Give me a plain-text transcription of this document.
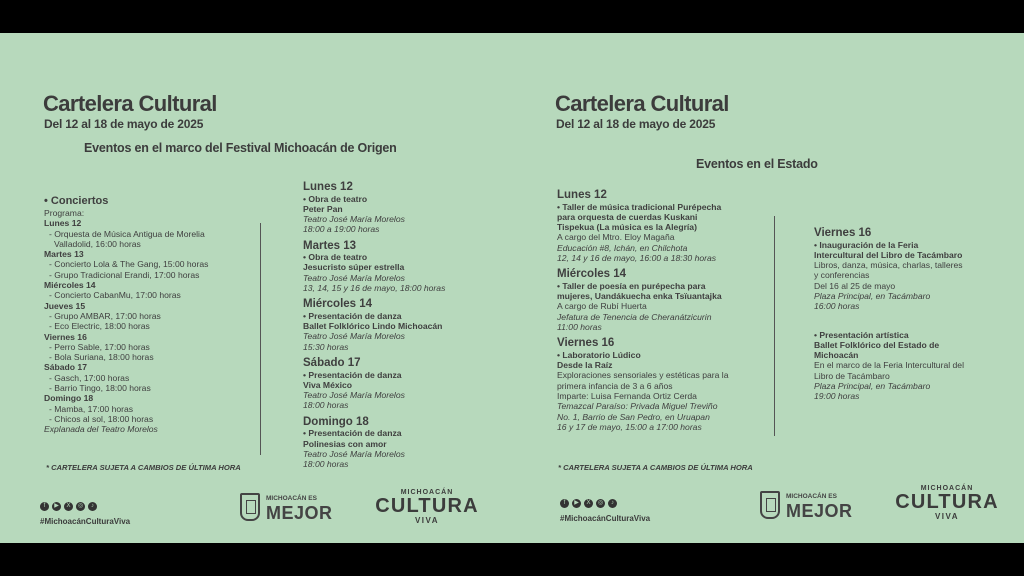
Cartelera Cultural
Del 12 al 18 de mayo de 2025
Eventos en el marco del Festival Michoacán de Origen
• Conciertos
Programa:
Lunes 12
- Orquesta de Música Antigua de Morelia
Valladolid, 16:00 horas
Martes 13
- Concierto Lola & The Gang, 15:00 horas
- Grupo Tradicional Erandi, 17:00 horas
Miércoles 14
- Concierto CabanMu, 17:00 horas
Jueves 15
- Grupo AMBAR, 17:00 horas
- Eco Electric, 18:00 horas
Viernes 16
- Perro Sable, 17:00 horas
- Bola Suriana, 18:00 horas
Sábado 17
- Gasch, 17:00 horas
- Barrio Tingo, 18:00 horas
Domingo 18
- Mamba, 17:00 horas
- Chicos al sol, 18:00 horas
Explanada del Teatro Morelos
Lunes 12
• Obra de teatro
Peter Pan
Teatro José María Morelos
18:00 a 19:00 horas
Martes 13
• Obra de teatro
Jesucristo súper estrella
Teatro José María Morelos
13, 14, 15 y 16 de mayo, 18:00 horas
Miércoles 14
• Presentación de danza
Ballet Folklórico Lindo Michoacán
Teatro José María Morelos
15:30 horas
Sábado 17
• Presentación de danza
Viva México
Teatro José María Morelos
18:00 horas
Domingo 18
• Presentación de danza
Polinesias con amor
Teatro José María Morelos
18:00 horas
* CARTELERA SUJETA A CAMBIOS DE ÚLTIMA HORA
f	▶	X	◎	♪
#MichoacánCulturaViva
MICHOACÁN ES
MEJOR
MICHOACÁN
CULTURA
VIVA
Cartelera Cultural
Del 12 al 18 de mayo de 2025
Eventos en el Estado
Lunes 12
• Taller de música tradicional Purépecha
para orquesta de cuerdas Kuskani
Tispekua (La música es la Alegría)
A cargo del Mtro. Eloy Magaña
Educación #8, Ichán, en Chilchota
12, 14 y 16 de mayo, 16:00 a 18:30 horas
Miércoles 14
• Taller de poesía en purépecha para
mujeres, Uandákuecha enka Tsïuantajka
A cargo de Rubí Huerta
Jefatura de Tenencia de Cheranátzicurin
11:00 horas
Viernes 16
• Laboratorio Lúdico
Desde la Raíz
Exploraciones sensoriales y estéticas para la
primera infancia de 3 a 6 años
Imparte: Luisa Fernanda Ortiz Cerda
Temazcal Paraíso: Privada Miguel Treviño
No. 1, Barrio de San Pedro, en Uruapan
16 y 17 de mayo, 15:00 a 17:00 horas
Viernes 16
• Inauguración de la Feria
Intercultural del Libro de Tacámbaro
Libros, danza, música, charlas, talleres
y conferencias
Del 16 al 25 de mayo
Plaza Principal, en Tacámbaro
16:00 horas
• Presentación artística
Ballet Folklórico del Estado de
Michoacán
En el marco de la Feria Intercultural del
Libro de Tacámbaro
Plaza Principal, en Tacámbaro
19:00 horas
* CARTELERA SUJETA A CAMBIOS DE ÚLTIMA HORA
f	▶	X	◎	♪
#MichoacánCulturaViva
MICHOACÁN ES
MEJOR
MICHOACÁN
CULTURA
VIVA
